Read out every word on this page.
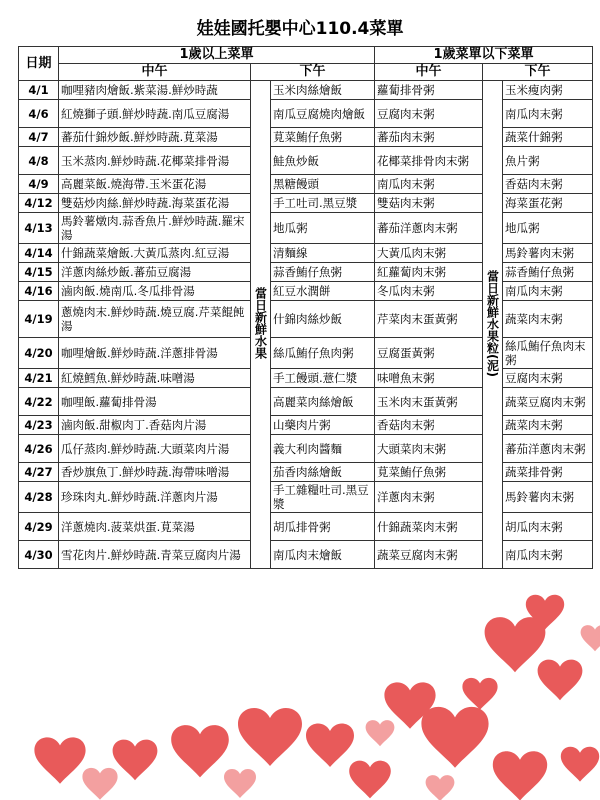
娃娃國托嬰中心110.4菜單
日期	1歲以上菜單			1歲菜單以下菜單		
	中午	下午		中午	下午	
4/1	咖哩豬肉燴飯.紫菜湯.鮮炒時蔬	當日新鮮水果	玉米肉絲燴飯	蘿蔔排骨粥	當日新鮮水果粒(泥)	玉米瘦肉粥
4/6	紅燒獅子頭.鮮炒時蔬.南瓜豆腐湯		南瓜豆腐燒肉燴飯	豆腐肉末粥		南瓜肉末粥
4/7	蕃茄什錦炒飯.鮮炒時蔬.莧菜湯		莧菜鮪仔魚粥	蕃茄肉末粥		蔬菜什錦粥
4/8	玉米蒸肉.鮮炒時蔬.花椰菜排骨湯		鮭魚炒飯	花椰菜排骨肉末粥		魚片粥
4/9	高麗菜飯.燒海帶.玉米蛋花湯		黑糖饅頭	南瓜肉末粥		香菇肉末粥
4/12	雙菇炒肉絲.鮮炒時蔬.海菜蛋花湯		手工吐司.黑豆漿	雙菇肉末粥		海菜蛋花粥
4/13	馬鈴薯燉肉.蒜香魚片.鮮炒時蔬.羅宋湯		地瓜粥	蕃茄洋蔥肉末粥		地瓜粥
4/14	什錦蔬菜燴飯.大黃瓜蒸肉.紅豆湯		清麵線	大黃瓜肉末粥		馬鈴薯肉末粥
4/15	洋蔥肉絲炒飯.蕃茄豆腐湯		蒜香鮪仔魚粥	紅蘿蔔肉末粥		蒜香鮪仔魚粥
4/16	滷肉飯.燒南瓜.冬瓜排骨湯		紅豆水潤餅	冬瓜肉末粥		南瓜肉末粥
4/19	蔥燒肉末.鮮炒時蔬.燒豆腐.芹菜餛飩湯		什錦肉絲炒飯	芹菜肉末蛋黃粥		蔬菜肉末粥
4/20	咖哩燴飯.鮮炒時蔬.洋蔥排骨湯		絲瓜鮪仔魚肉粥	豆腐蛋黃粥		絲瓜鮪仔魚肉末粥
4/21	紅燒鱈魚.鮮炒時蔬.味噌湯		手工饅頭.薏仁漿	味噌魚末粥		豆腐肉末粥
4/22	咖哩飯.蘿蔔排骨湯		高麗菜肉絲燴飯	玉米肉末蛋黃粥		蔬菜豆腐肉末粥
4/23	滷肉飯.甜椒肉丁.香菇肉片湯		山藥肉片粥	香菇肉末粥		蔬菜肉末粥
4/26	瓜仔蒸肉.鮮炒時蔬.大頭菜肉片湯		義大利肉醬麵	大頭菜肉末粥		蕃茄洋蔥肉末粥
4/27	香炒旗魚丁.鮮炒時蔬.海帶味噌湯		茄香肉絲燴飯	莧菜鮪仔魚粥		蔬菜排骨粥
4/28	珍珠肉丸.鮮炒時蔬.洋蔥肉片湯		手工雜糧吐司.黑豆漿	洋蔥肉末粥		馬鈴薯肉末粥
4/29	洋蔥燒肉.菠菜烘蛋.莧菜湯		胡瓜排骨粥	什錦蔬菜肉末粥		胡瓜肉末粥
4/30	雪花肉片.鮮炒時蔬.青菜豆腐肉片湯		南瓜肉末燴飯	蔬菜豆腐肉末粥		南瓜肉末粥
